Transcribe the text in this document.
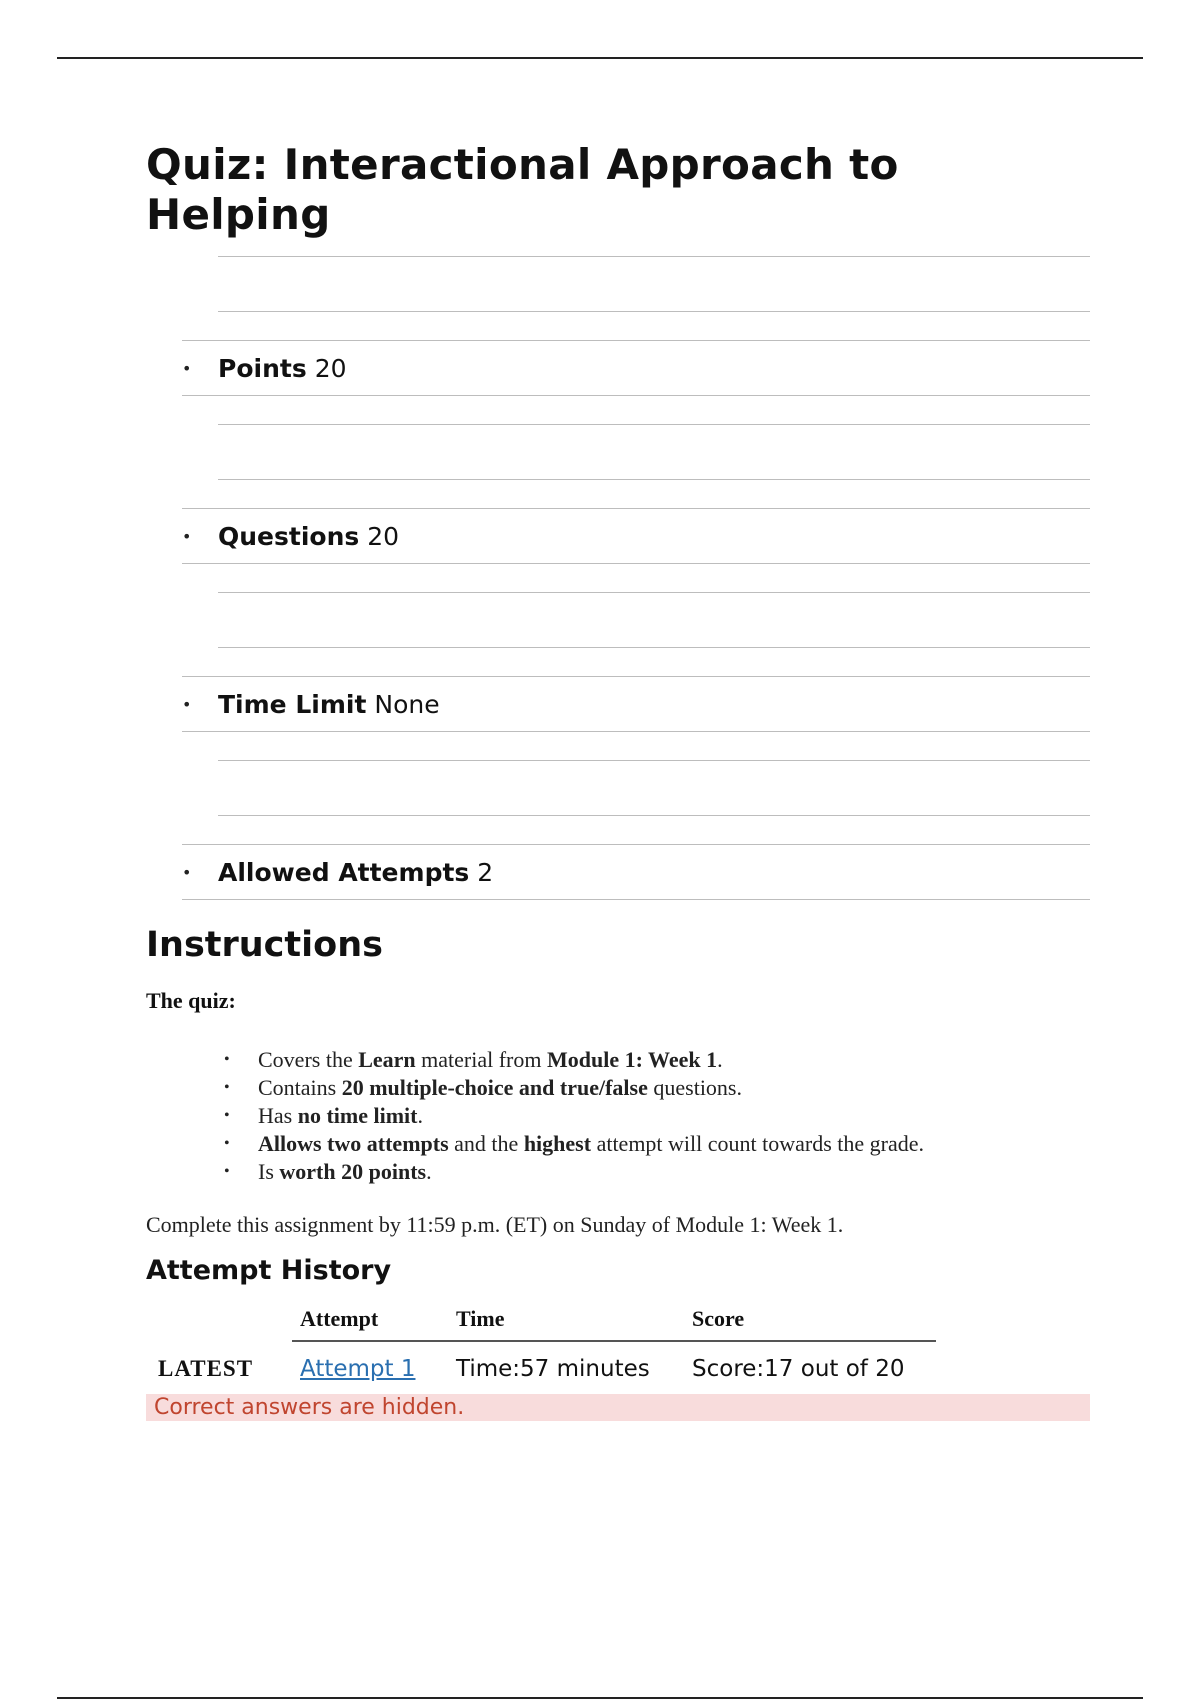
Quiz: Interactional Approach to Helping
•	Points 20
•	Questions 20
•	Time Limit None
•	Allowed Attempts 2
Instructions
The quiz:
• Covers the Learn material from Module 1: Week 1.
• Contains 20 multiple-choice and true/false questions.
• Has no time limit.
• Allows two attempts and the highest attempt will count towards the grade.
• Is worth 20 points.
Complete this assignment by 11:59 p.m. (ET) on Sunday of Module 1: Week 1.
Attempt History
	Attempt	Time	Score
LATEST	Attempt 1	Time:57 minutes	Score:17 out of 20
Correct answers are hidden.
